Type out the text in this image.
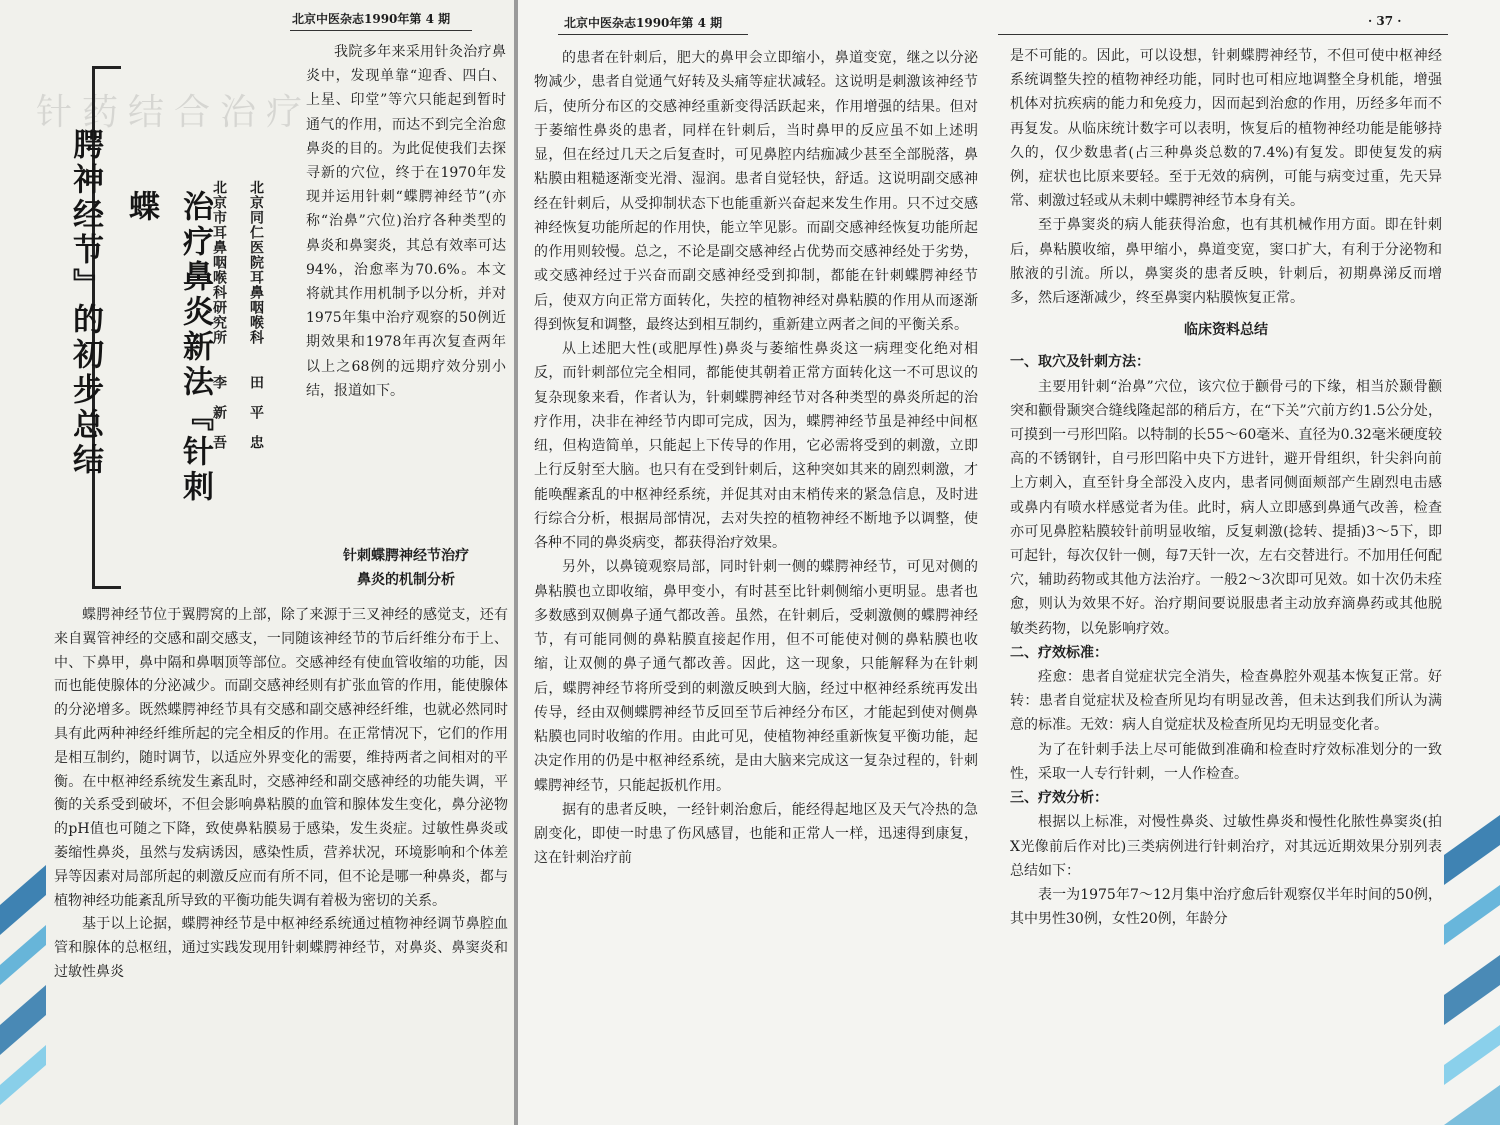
北京中医杂志1990年第 4 期
针药结合治疗
腭神经节』的初步总结	治疗鼻炎新法『针刺蝶	北京市耳鼻咽喉科研究所　　李　新　吾 北京同仁医院耳鼻咽喉科　　田　平　忠

我院多年来采用针灸治疗鼻炎中，发现单靠“迎香、四白、上星、印堂”等穴只能起到暂时通气的作用，而达不到完全治愈鼻炎的目的。为此促使我们去探寻新的穴位，终于在1970年发现并运用针刺“蝶腭神经节”(亦称“治鼻”穴位)治疗各种类型的鼻炎和鼻窦炎，其总有效率可达94%，治愈率为70.6%。本文将就其作用机制予以分析，并对1975年集中治疗观察的50例近期效果和1978年再次复查两年以上之68例的远期疗效分别小结，报道如下。

针刺蝶腭神经节治疗

鼻炎的机制分析

蝶腭神经节位于翼腭窝的上部，除了来源于三叉神经的感觉支，还有来自翼管神经的交感和副交感支，一同随该神经节的节后纤维分布于上、中、下鼻甲，鼻中隔和鼻咽顶等部位。交感神经有使血管收缩的功能，因而也能使腺体的分泌减少。而副交感神经则有扩张血管的作用，能使腺体的分泌增多。既然蝶腭神经节具有交感和副交感神经纤维，也就必然同时具有此两种神经纤维所起的完全相反的作用。在正常情况下，它们的作用是相互制约，随时调节，以适应外界变化的需要，维持两者之间相对的平衡。在中枢神经系统发生紊乱时，交感神经和副交感神经的功能失调，平衡的关系受到破坏，不但会影响鼻粘膜的血管和腺体发生变化，鼻分泌物的pH值也可随之下降，致使鼻粘膜易于感染，发生炎症。过敏性鼻炎或萎缩性鼻炎，虽然与发病诱因，感染性质，营养状况，环境影响和个体差异等因素对局部所起的刺激反应而有所不同，但不论是哪一种鼻炎，都与植物神经功能紊乱所导致的平衡功能失调有着极为密切的关系。

基于以上论据，蝶腭神经节是中枢神经系统通过植物神经调节鼻腔血管和腺体的总枢纽，通过实践发现用针刺蝶腭神经节，对鼻炎、鼻窦炎和过敏性鼻炎

北京中医杂志1990年第 4 期	· 37 ·

的患者在针刺后，肥大的鼻甲会立即缩小，鼻道变宽，继之以分泌物减少，患者自觉通气好转及头痛等症状减轻。这说明是刺激该神经节后，使所分布区的交感神经重新变得活跃起来，作用增强的结果。但对于萎缩性鼻炎的患者，同样在针刺后，当时鼻甲的反应虽不如上述明显，但在经过几天之后复查时，可见鼻腔内结痂减少甚至全部脱落，鼻粘膜由粗糙逐渐变光滑、湿润。患者自觉轻快，舒适。这说明副交感神经在针刺后，从受抑制状态下也能重新兴奋起来发生作用。只不过交感神经恢复功能所起的作用快，能立竿见影。而副交感神经恢复功能所起的作用则较慢。总之，不论是副交感神经占优势而交感神经处于劣势，或交感神经过于兴奋而副交感神经受到抑制，都能在针刺蝶腭神经节后，使双方向正常方面转化，失控的植物神经对鼻粘膜的作用从而逐渐得到恢复和调整，最终达到相互制约，重新建立两者之间的平衡关系。

从上述肥大性(或肥厚性)鼻炎与萎缩性鼻炎这一病理变化绝对相反，而针刺部位完全相同，都能使其朝着正常方面转化这一不可思议的复杂现象来看，作者认为，针刺蝶腭神经节对各种类型的鼻炎所起的治疗作用，决非在神经节内即可完成，因为，蝶腭神经节虽是神经中间枢纽，但构造简单，只能起上下传导的作用，它必需将受到的刺激，立即上行反射至大脑。也只有在受到针刺后，这种突如其来的剧烈刺激，才能唤醒紊乱的中枢神经系统，并促其对由末梢传来的紧急信息，及时进行综合分析，根据局部情况，去对失控的植物神经不断地予以调整，使各种不同的鼻炎病变，都获得治疗效果。

另外，以鼻镜观察局部，同时针刺一侧的蝶腭神经节，可见对侧的鼻粘膜也立即收缩，鼻甲变小，有时甚至比针刺侧缩小更明显。患者也多数感到双侧鼻子通气都改善。虽然，在针刺后，受刺激侧的蝶腭神经节，有可能同侧的鼻粘膜直接起作用，但不可能使对侧的鼻粘膜也收缩，让双侧的鼻子通气都改善。因此，这一现象，只能解释为在针刺后，蝶腭神经节将所受到的刺激反映到大脑，经过中枢神经系统再发出传导，经由双侧蝶腭神经节反回至节后神经分布区，才能起到使对侧鼻粘膜也同时收缩的作用。由此可见，使植物神经重新恢复平衡功能，起决定作用的仍是中枢神经系统，是由大脑来完成这一复杂过程的，针刺蝶腭神经节，只能起扳机作用。

据有的患者反映，一经针刺治愈后，能经得起地区及天气冷热的急剧变化，即使一时患了伤风感冒，也能和正常人一样，迅速得到康复，这在针刺治疗前

是不可能的。因此，可以设想，针刺蝶腭神经节，不但可使中枢神经系统调整失控的植物神经功能，同时也可相应地调整全身机能，增强机体对抗疾病的能力和免疫力，因而起到治愈的作用，历经多年而不再复发。从临床统计数字可以表明，恢复后的植物神经功能是能够持久的，仅少数患者(占三种鼻炎总数的7.4%)有复发。即使复发的病例，症状也比原来要轻。至于无效的病例，可能与病变过重，先天异常、刺激过轻或从未刺中蝶腭神经节本身有关。

至于鼻窦炎的病人能获得治愈，也有其机械作用方面。即在针刺后，鼻粘膜收缩，鼻甲缩小，鼻道变宽，窦口扩大，有利于分泌物和脓液的引流。所以，鼻窦炎的患者反映，针刺后，初期鼻涕反而增多，然后逐渐减少，终至鼻窦内粘膜恢复正常。

临床资料总结

一、取穴及针刺方法：

主要用针刺“治鼻”穴位，该穴位于颧骨弓的下缘，相当於颞骨颧突和颧骨颞突合缝线隆起部的稍后方，在“下关”穴前方约1.5公分处，可摸到一弓形凹陷。以特制的长55～60毫米、直径为0.32毫米硬度较高的不锈钢针，自弓形凹陷中央下方进针，避开骨组织，针尖斜向前上方刺入，直至针身全部没入皮内，患者同侧面颊部产生剧烈电击感或鼻内有喷水样感觉者为佳。此时，病人立即感到鼻通气改善，检查亦可见鼻腔粘膜较针前明显收缩，反复刺激(捻转、提插)3～5下，即可起针，每次仅针一侧，每7天针一次，左右交替进行。不加用任何配穴，辅助药物或其他方法治疗。一般2～3次即可见效。如十次仍未痊愈，则认为效果不好。治疗期间要说服患者主动放弃滴鼻药或其他脱敏类药物，以免影响疗效。

二、疗效标准：

痊愈：患者自觉症状完全消失，检查鼻腔外观基本恢复正常。好转：患者自觉症状及检查所见均有明显改善，但未达到我们所认为满意的标准。无效：病人自觉症状及检查所见均无明显变化者。

为了在针刺手法上尽可能做到准确和检查时疗效标准划分的一致性，采取一人专行针刺，一人作检查。

三、疗效分析：

根据以上标准，对慢性鼻炎、过敏性鼻炎和慢性化脓性鼻窦炎(拍X光像前后作对比)三类病例进行针刺治疗，对其远近期效果分别列表总结如下：

表一为1975年7～12月集中治疗愈后针观察仅半年时间的50例，其中男性30例，女性20例，年龄分
